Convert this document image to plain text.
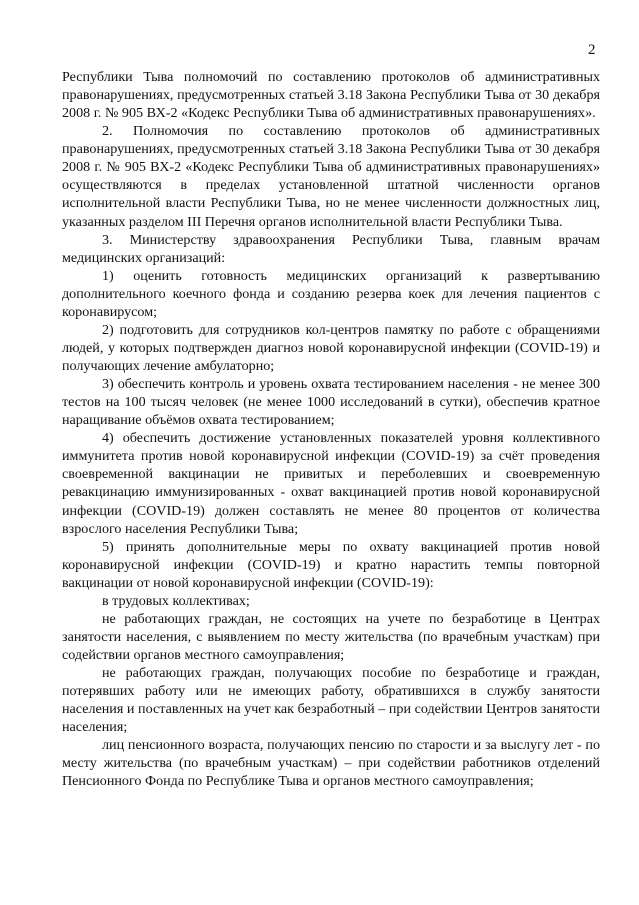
2

Республики Тыва полномочий по составлению протоколов об административных правонарушениях, предусмотренных статьей 3.18 Закона Республики Тыва от 30 декабря 2008 г. № 905 ВХ-2 «Кодекс Республики Тыва об административных правонарушениях».

2. Полномочия по составлению протоколов об административных правонарушениях, предусмотренных статьей 3.18 Закона Республики Тыва от 30 декабря 2008 г. № 905 ВХ-2 «Кодекс Республики Тыва об административных правонарушениях» осуществляются в пределах установленной штатной численности органов исполнительной власти Республики Тыва, но не менее численности должностных лиц, указанных разделом III Перечня органов исполнительной власти Республики Тыва.

3. Министерству здравоохранения Республики Тыва, главным врачам медицинских организаций:

1) оценить готовность медицинских организаций к развертыванию дополнительного коечного фонда и созданию резерва коек для лечения пациентов с коронавирусом;

2) подготовить для сотрудников кол-центров памятку по работе с обращениями людей, у которых подтвержден диагноз новой коронавирусной инфекции (COVID-19) и получающих лечение амбулаторно;

3) обеспечить контроль и уровень охвата тестированием населения - не менее 300 тестов на 100 тысяч человек (не менее 1000 исследований в сутки), обеспечив кратное наращивание объёмов охвата тестированием;

4) обеспечить достижение установленных показателей уровня коллективного иммунитета против новой коронавирусной инфекции (COVID-19) за счёт проведения своевременной вакцинации не привитых и переболевших и своевременную ревакцинацию иммунизированных - охват вакцинацией против новой коронавирусной инфекции (COVID-19) должен составлять не менее 80 процентов от количества взрослого населения Республики Тыва;

5) принять дополнительные меры по охвату вакцинацией против новой коронавирусной инфекции (COVID-19) и кратно нарастить темпы повторной вакцинации от новой коронавирусной инфекции (COVID-19):

в трудовых коллективах;

не работающих граждан, не состоящих на учете по безработице в Центрах занятости населения, с выявлением по месту жительства (по врачебным участкам) при содействии органов местного самоуправления;

не работающих граждан, получающих пособие по безработице и граждан, потерявших работу или не имеющих работу, обратившихся в службу занятости населения и поставленных на учет как безработный – при содействии Центров занятости населения;

лиц пенсионного возраста, получающих пенсию по старости и за выслугу лет - по месту жительства (по врачебным участкам) – при содействии работников отделений Пенсионного Фонда по Республике Тыва и органов местного самоуправления;
